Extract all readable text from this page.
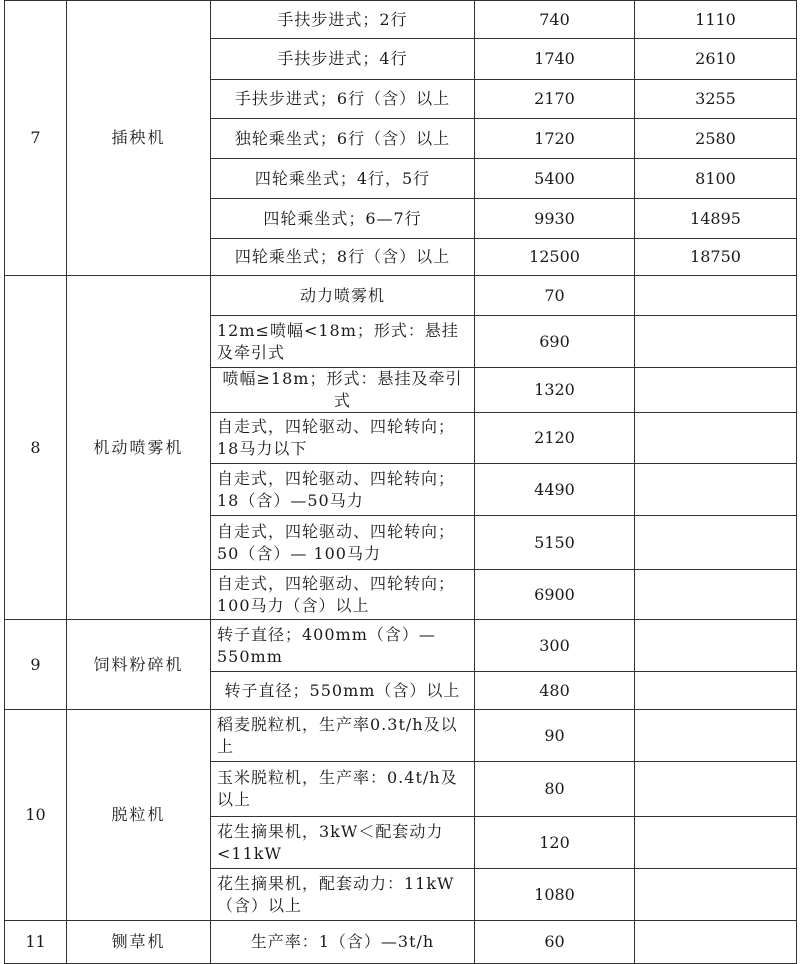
7	插秧机	手扶步进式；2行	740	1110
		手扶步进式；4行	1740	2610
		手扶步进式；6行（含）以上	2170	3255
		独轮乘坐式；6行（含）以上	1720	2580
		四轮乘坐式；4行，5行	5400	8100
		四轮乘坐式；6—7行	9930	14895
		四轮乘坐式；8行（含）以上	12500	18750
8	机动喷雾机	动力喷雾机	70	
		12m≤喷幅<18m；形式：悬挂及牵引式	690	
		喷幅≥18m；形式：悬挂及牵引式	1320	
		自走式，四轮驱动、四轮转向；18马力以下	2120	
		自走式，四轮驱动、四轮转向；18（含）—50马力	4490	
		自走式，四轮驱动、四轮转向；50（含）— 100马力	5150	
		自走式，四轮驱动、四轮转向；100马力（含）以上	6900	
9	饲料粉碎机	转子直径；400mm（含）—550mm	300	
		转子直径；550mm（含）以上	480	
10	脱粒机	稻麦脱粒机，生产率0.3t/h及以上	90	
		玉米脱粒机，生产率：0.4t/h及以上	80	
		花生摘果机，3kW＜配套动力<11kW	120	
		花生摘果机，配套动力：11kW（含）以上	1080	
11	铡草机	生产率：1（含）—3t/h	60	
